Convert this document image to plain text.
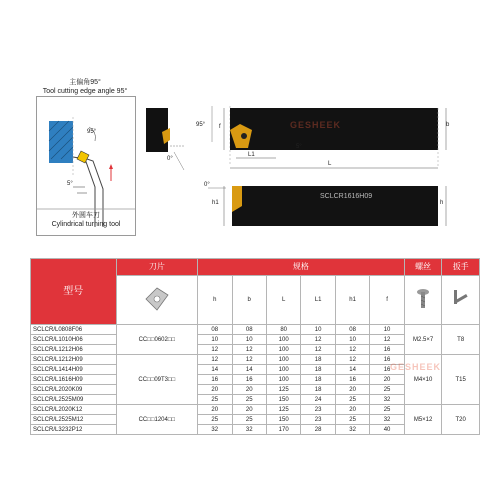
主偏角95°
Tool cutting edge angle 95°
95°
5°
外圆车刀
Cylindrical turning tool
0°
95° f	b
L1
5°
L
GESHEEK
0°
h1	h
SCLCR1616H09
型号	刀片	规格						螺丝	扳手
	h	b	L	L1	h1	f		
SCLCR/L0808F06	CC□□0602□□	08	08	80	10	08	10	M2.5×7	T8
SCLCR/L1010H06		10	10	100	12	10	12		
SCLCR/L1212H06		12	12	100	12	12	16		
SCLCR/L1212H09	CC□□09T3□□	12	12	100	18	12	16	M4×10	T15
SCLCR/L1414H09		14	14	100	18	14	16		
SCLCR/L1616H09		16	16	100	18	16	20		
SCLCR/L2020K09		20	20	125	18	20	25		
SCLCR/L2525M09		25	25	150	24	25	32		
SCLCR/L2020K12	CC□□1204□□	20	20	125	23	20	25	M5×12	T20
SCLCR/L2525M12		25	25	150	23	25	32		
SCLCR/L3232P12		32	32	170	28	32	40		
GESHEEK
